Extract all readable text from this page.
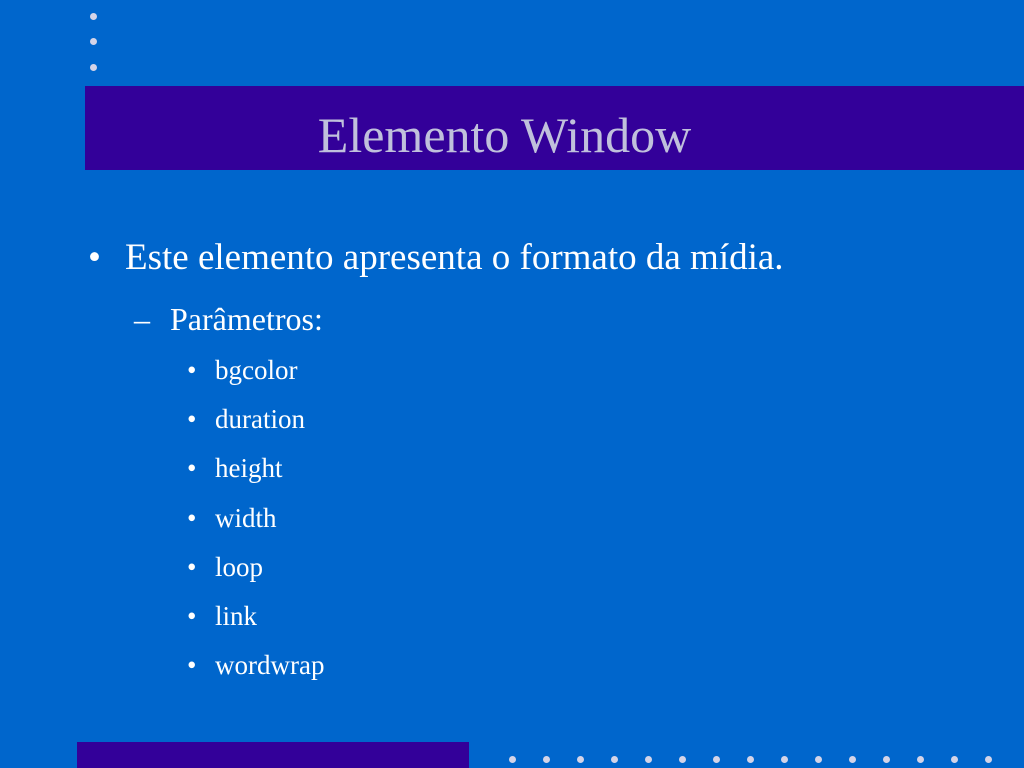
Elemento Window
• Este elemento apresenta o formato da mídia.
– Parâmetros:
• bgcolor
• duration
• height
• width
• loop
• link
• wordwrap
